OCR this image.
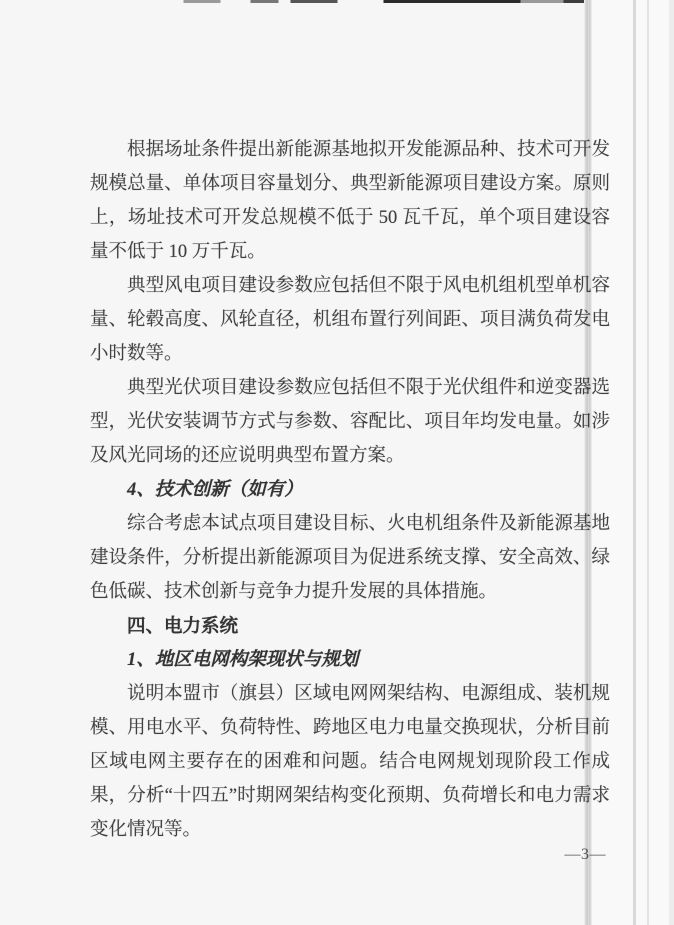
根据场址条件提出新能源基地拟开发能源品种、技术可开发规模总量、单体项目容量划分、典型新能源项目建设方案。原则上，场址技术可开发总规模不低于 50 瓦千瓦，单个项目建设容量不低于 10 万千瓦。

典型风电项目建设参数应包括但不限于风电机组机型单机容量、轮毂高度、风轮直径，机组布置行列间距、项目满负荷发电小时数等。

典型光伏项目建设参数应包括但不限于光伏组件和逆变器选型，光伏安装调节方式与参数、容配比、项目年均发电量。如涉及风光同场的还应说明典型布置方案。

4、技术创新（如有）

综合考虑本试点项目建设目标、火电机组条件及新能源基地建设条件，分析提出新能源项目为促进系统支撑、安全高效、绿色低碳、技术创新与竞争力提升发展的具体措施。

四、电力系统
1、地区电网构架现状与规划

说明本盟市（旗县）区域电网网架结构、电源组成、装机规模、用电水平、负荷特性、跨地区电力电量交换现状，分析目前区域电网主要存在的困难和问题。结合电网规划现阶段工作成果，分析“十四五”时期网架结构变化预期、负荷增长和电力需求变化情况等。

—3—
